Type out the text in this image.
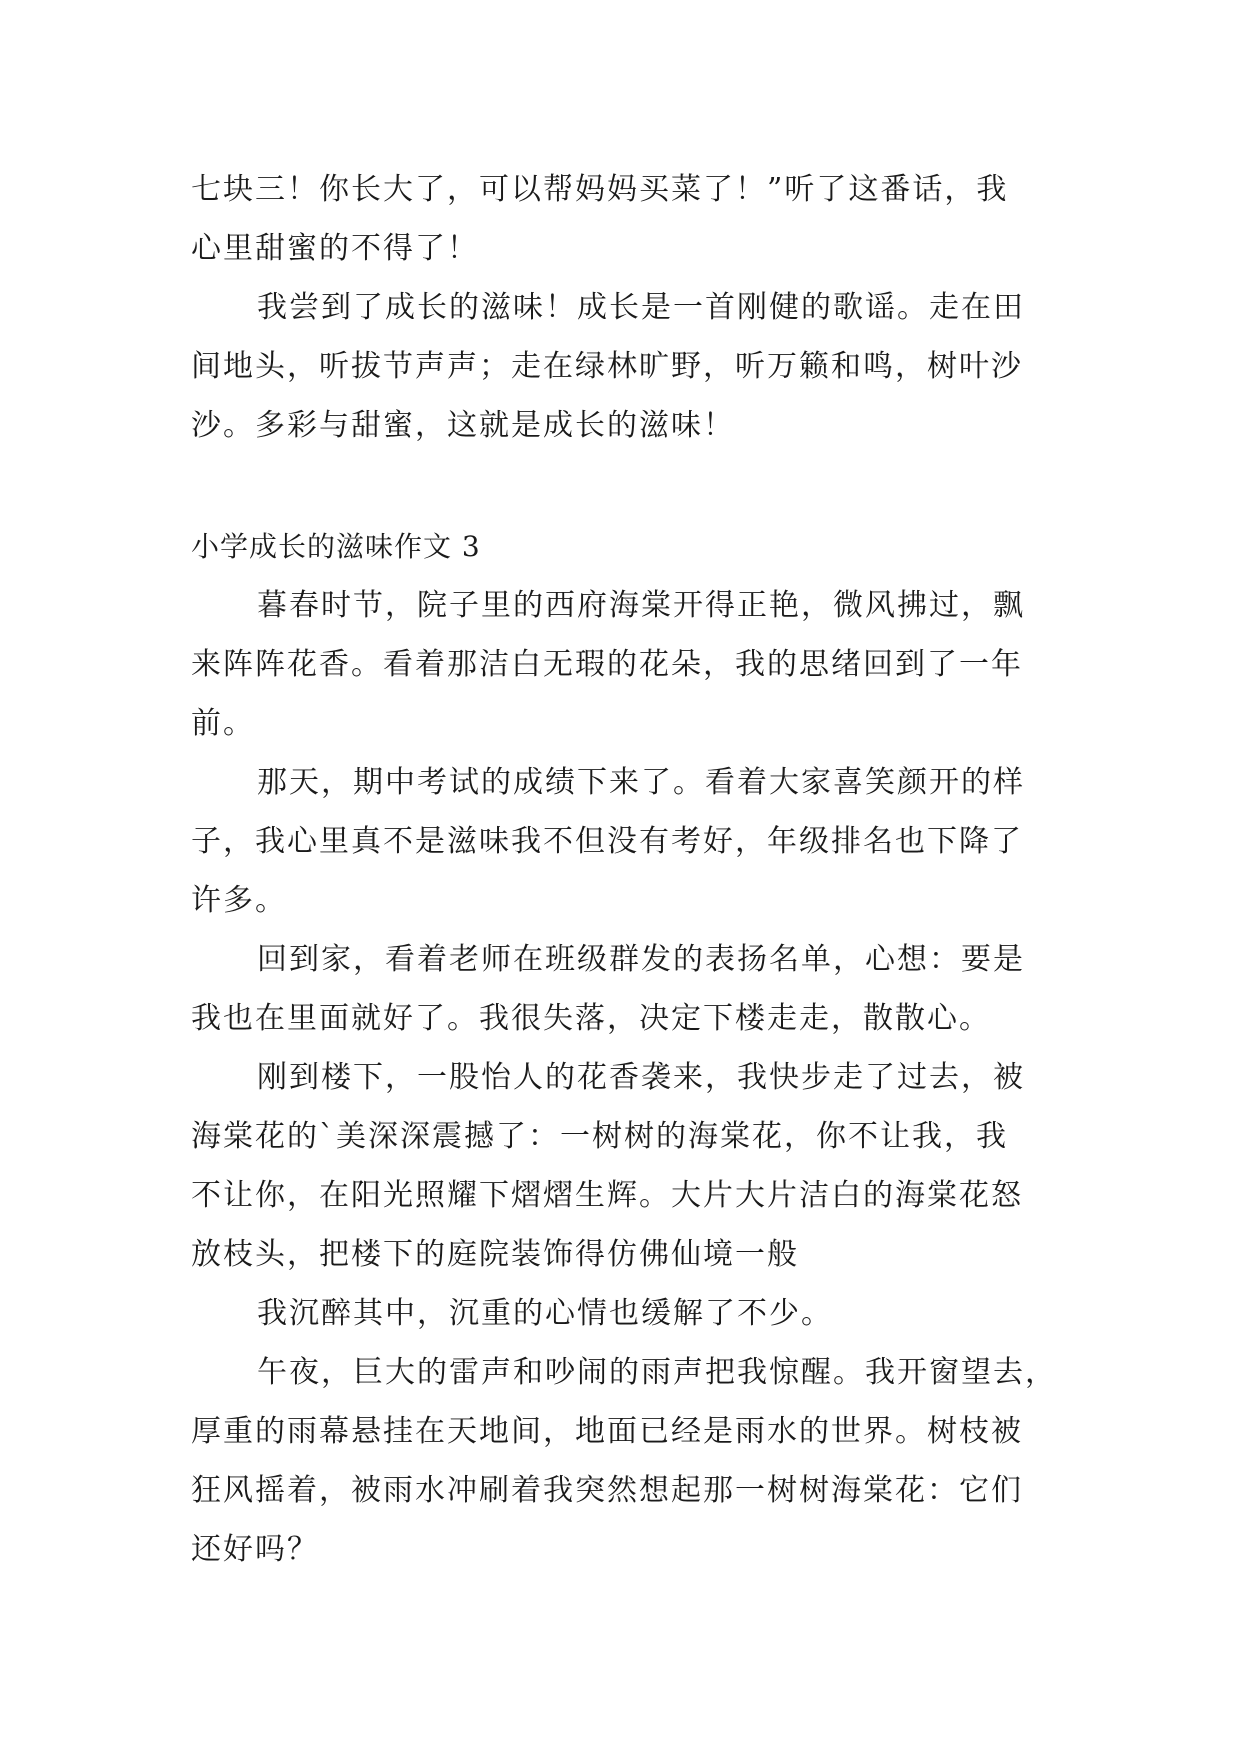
七块三！你长大了，可以帮妈妈买菜了！”听了这番话，我
心里甜蜜的不得了！
我尝到了成长的滋味！成长是一首刚健的歌谣。走在田
间地头，听拔节声声；走在绿林旷野，听万籁和鸣，树叶沙
沙。多彩与甜蜜，这就是成长的滋味！
小学成长的滋味作文 3
暮春时节，院子里的西府海棠开得正艳，微风拂过，飘
来阵阵花香。看着那洁白无瑕的花朵，我的思绪回到了一年
前。
那天，期中考试的成绩下来了。看着大家喜笑颜开的样
子，我心里真不是滋味我不但没有考好，年级排名也下降了
许多。
回到家，看着老师在班级群发的表扬名单，心想：要是
我也在里面就好了。我很失落，决定下楼走走，散散心。
刚到楼下，一股怡人的花香袭来，我快步走了过去，被
海棠花的`美深深震撼了：一树树的海棠花，你不让我，我
不让你，在阳光照耀下熠熠生辉。大片大片洁白的海棠花怒
放枝头，把楼下的庭院装饰得仿佛仙境一般
我沉醉其中，沉重的心情也缓解了不少。
午夜，巨大的雷声和吵闹的雨声把我惊醒。我开窗望去，
厚重的雨幕悬挂在天地间，地面已经是雨水的世界。树枝被
狂风摇着，被雨水冲刷着我突然想起那一树树海棠花：它们
还好吗？
